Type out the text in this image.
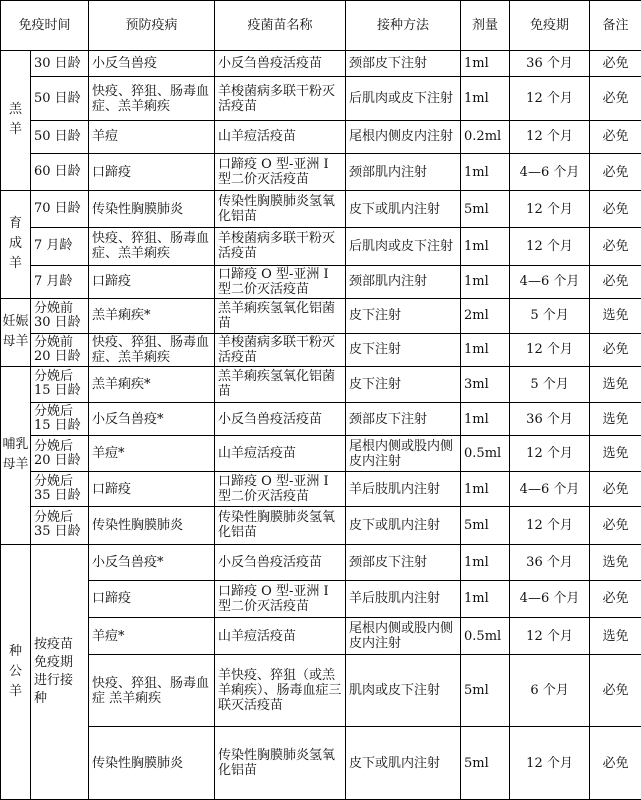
免疫时间		预防疫病	疫菌苗名称	接种方法	剂量	免疫期	备注
羔羊	30 日龄	小反刍兽疫	小反刍兽疫活疫苗	颈部皮下注射	1ml	36 个月	必免
	50 日龄	快疫、猝狙、肠毒血症、羔羊痢疾	羊梭菌病多联干粉灭活疫苗	后肌肉或皮下注射	1ml	12 个月	必免
	50 日龄	羊痘	山羊痘活疫苗	尾根内侧皮内注射	0.2ml	12 个月	必免
	60 日龄	口蹄疫	口蹄疫 O 型-亚洲 I 型二价灭活疫苗	颈部肌内注射	1ml	4—6 个月	必免
育成羊	70 日龄	传染性胸膜肺炎	传染性胸膜肺炎氢氧化铝苗	皮下或肌内注射	5ml	12 个月	必免
	7 月龄	快疫、猝狙、肠毒血症、羔羊痢疾	羊梭菌病多联干粉灭活疫苗	后肌肉或皮下注射	1ml	12 个月	必免
	7 月龄	口蹄疫	口蹄疫 O 型-亚洲 I 型二价灭活疫苗	颈部肌内注射	1ml	4—6 个月	必免
妊娠母羊	分娩前 30 日龄	羔羊痢疾*	羔羊痢疾氢氧化铝菌苗	皮下注射	2ml	5 个月	选免
	分娩前 20 日龄	快疫、猝狙、肠毒血症、羔羊痢疾	羊梭菌病多联干粉灭活疫苗	皮下注射	1ml	12 个月	必免
哺乳母羊	分娩后 15 日龄	羔羊痢疾*	羔羊痢疾氢氧化铝菌苗	皮下注射	3ml	5 个月	选免
	分娩后 15 日龄	小反刍兽疫*	小反刍兽疫活疫苗	颈部皮下注射	1ml	36 个月	选免
	分娩后 20 日龄	羊痘*	山羊痘活疫苗	尾根内侧或股内侧皮内注射	0.5ml	12 个月	选免
	分娩后 35 日龄	口蹄疫	口蹄疫 O 型-亚洲 I 型二价灭活疫苗	羊后肢肌内注射	1ml	4—6 个月	必免
	分娩后 35 日龄	传染性胸膜肺炎	传染性胸膜肺炎氢氧化铝苗	皮下或肌内注射	5ml	12 个月	必免
种公羊	按疫苗免疫期进行接种	小反刍兽疫*	小反刍兽疫活疫苗	颈部皮下注射	1ml	36 个月	选免
		口蹄疫	口蹄疫 O 型-亚洲 I 型二价灭活疫苗	羊后肢肌内注射	1ml	4—6 个月	必免
		羊痘*	山羊痘活疫苗	尾根内侧或股内侧皮内注射	0.5ml	12 个月	选免
		快疫、猝狙、肠毒血症 羔羊痢疾	羊快疫、猝狙（或羔羊痢疾）、肠毒血症三联灭活疫苗	肌肉或皮下注射	5ml	6 个月	必免
		传染性胸膜肺炎	传染性胸膜肺炎氢氧化铝苗	皮下或肌内注射	5ml	12 个月	必免
